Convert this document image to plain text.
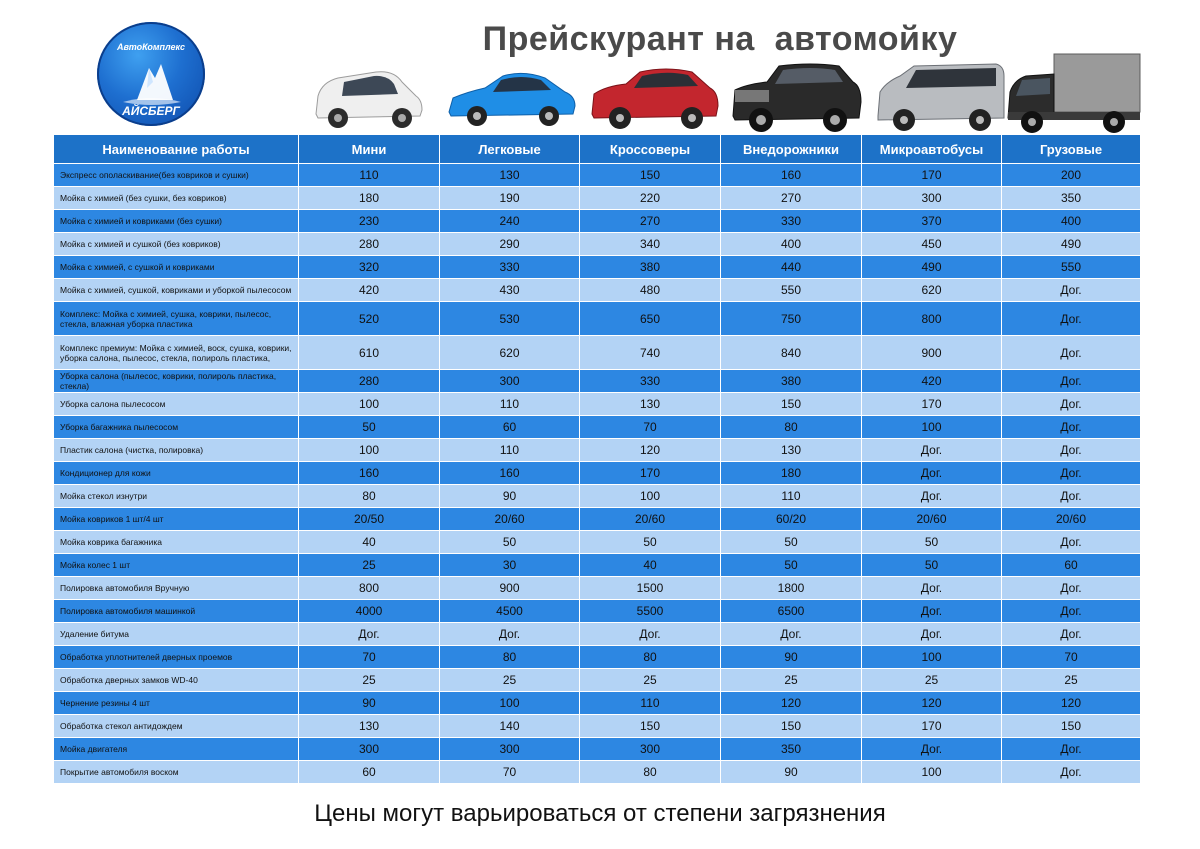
АвтоКомплекс
АЙСБЕРГ
Прейскурант на  автомойку
Наименование работы	Мини	Легковые	Кроссоверы	Внедорожники	Микроавтобусы	Грузовые
Экспресс ополаскивание(без ковриков и сушки)	110	130	150	160	170	200
Мойка с химией (без сушки, без ковриков)	180	190	220	270	300	350
Мойка с химией и ковриками (без сушки)	230	240	270	330	370	400
Мойка с химией и сушкой (без ковриков)	280	290	340	400	450	490
Мойка с химией, с сушкой и ковриками	320	330	380	440	490	550
Мойка с химией, сушкой, ковриками и уборкой пылесосом	420	430	480	550	620	Дог.
Комплекс: Мойка с химией, сушка, коврики, пылесос, стекла, влажная уборка пластика	520	530	650	750	800	Дог.
Комплекс премиум: Мойка с химией, воск, сушка, коврики, уборка салона, пылесос, стекла, полироль пластика,	610	620	740	840	900	Дог.
Уборка салона (пылесос, коврики, полироль пластика, стекла)	280	300	330	380	420	Дог.
Уборка салона пылесосом	100	110	130	150	170	Дог.
Уборка багажника пылесосом	50	60	70	80	100	Дог.
Пластик салона (чистка, полировка)	100	110	120	130	Дог.	Дог.
Кондиционер для кожи	160	160	170	180	Дог.	Дог.
Мойка стекол изнутри	80	90	100	110	Дог.	Дог.
Мойка ковриков 1 шт/4 шт	20/50	20/60	20/60	60/20	20/60	20/60
Мойка коврика багажника	40	50	50	50	50	Дог.
Мойка колес 1 шт	25	30	40	50	50	60
Полировка автомобиля Вручную	800	900	1500	1800	Дог.	Дог.
Полировка автомобиля машинкой	4000	4500	5500	6500	Дог.	Дог.
Удаление битума	Дог.	Дог.	Дог.	Дог.	Дог.	Дог.
Обработка уплотнителей дверных проемов	70	80	80	90	100	70
Обработка дверных замков WD-40	25	25	25	25	25	25
Чернение резины 4 шт	90	100	110	120	120	120
Обработка стекол антидождем	130	140	150	150	170	150
Мойка двигателя	300	300	300	350	Дог.	Дог.
Покрытие автомобиля воском	60	70	80	90	100	Дог.
Цены могут варьироваться от степени загрязнения
